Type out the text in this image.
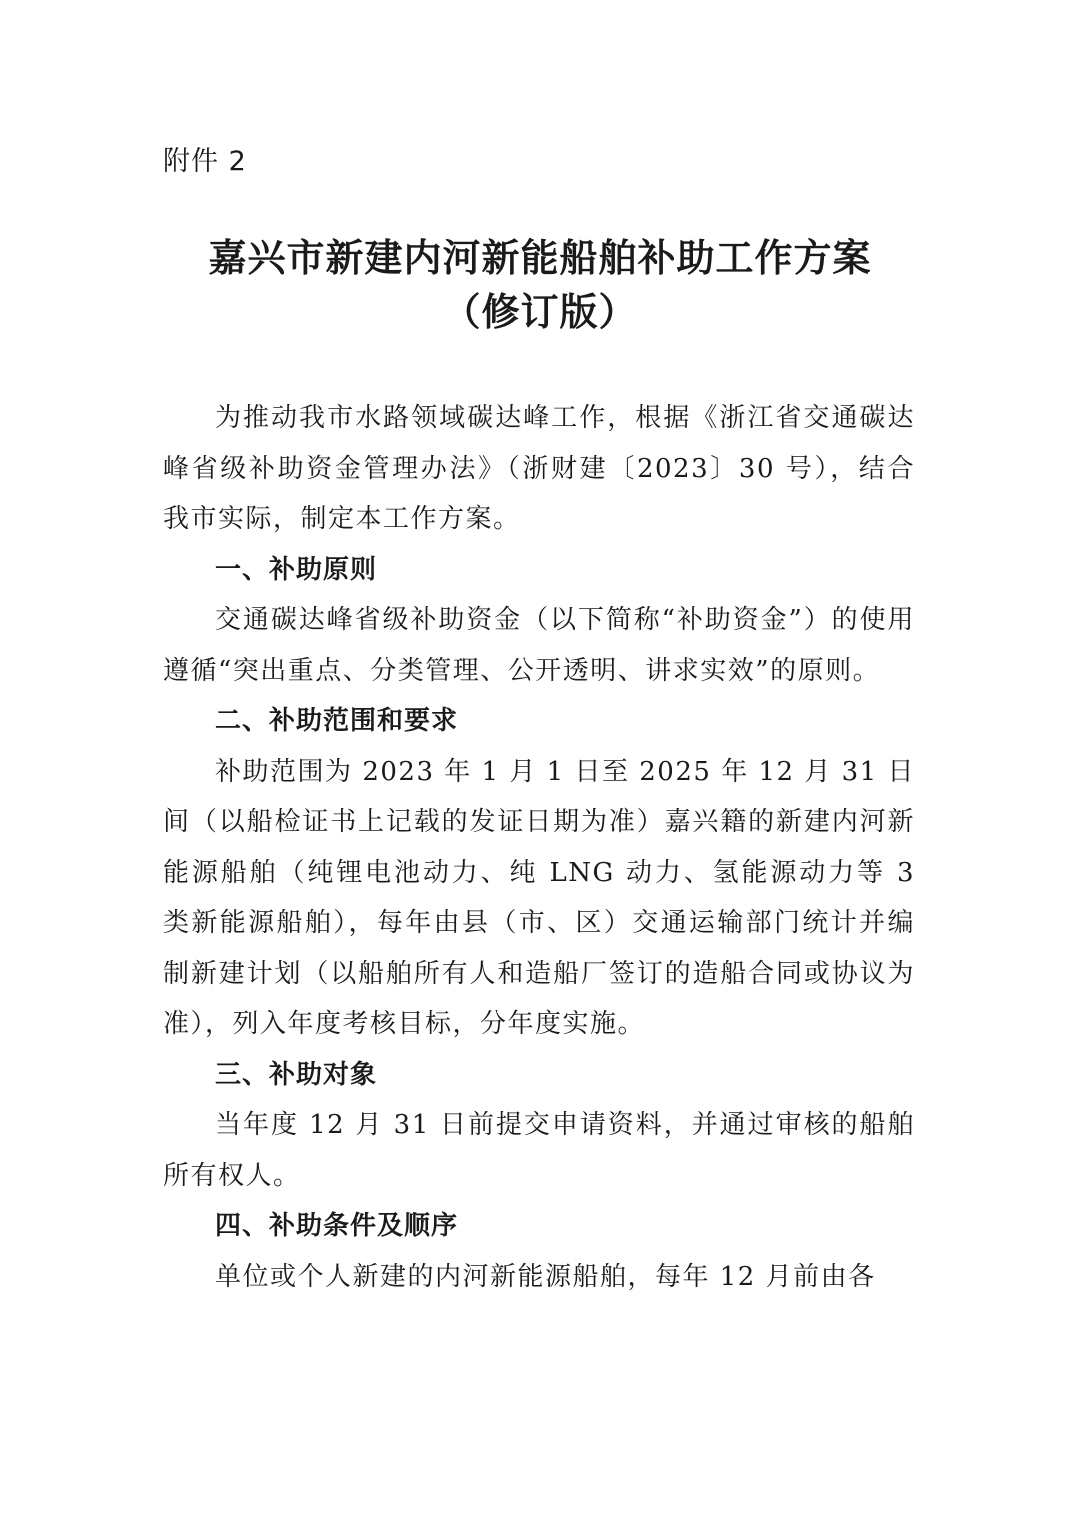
附件 2
嘉兴市新建内河新能船舶补助工作方案
（修订版）

为推动我市水路领域碳达峰工作，根据《浙江省交通碳达峰省级补助资金管理办法》（浙财建〔2023〕30 号），结合我市实际，制定本工作方案。

一、补助原则

交通碳达峰省级补助资金（以下简称“补助资金”）的使用遵循“突出重点、分类管理、公开透明、讲求实效”的原则。

二、补助范围和要求

补助范围为 2023 年 1 月 1 日至 2025 年 12 月 31 日间（以船检证书上记载的发证日期为准）嘉兴籍的新建内河新能源船舶（纯锂电池动力、纯 LNG 动力、氢能源动力等 3 类新能源船舶），每年由县（市、区）交通运输部门统计并编制新建计划（以船舶所有人和造船厂签订的造船合同或协议为准），列入年度考核目标，分年度实施。

三、补助对象

当年度 12 月 31 日前提交申请资料，并通过审核的船舶所有权人。

四、补助条件及顺序

单位或个人新建的内河新能源船舶，每年 12 月前由各
